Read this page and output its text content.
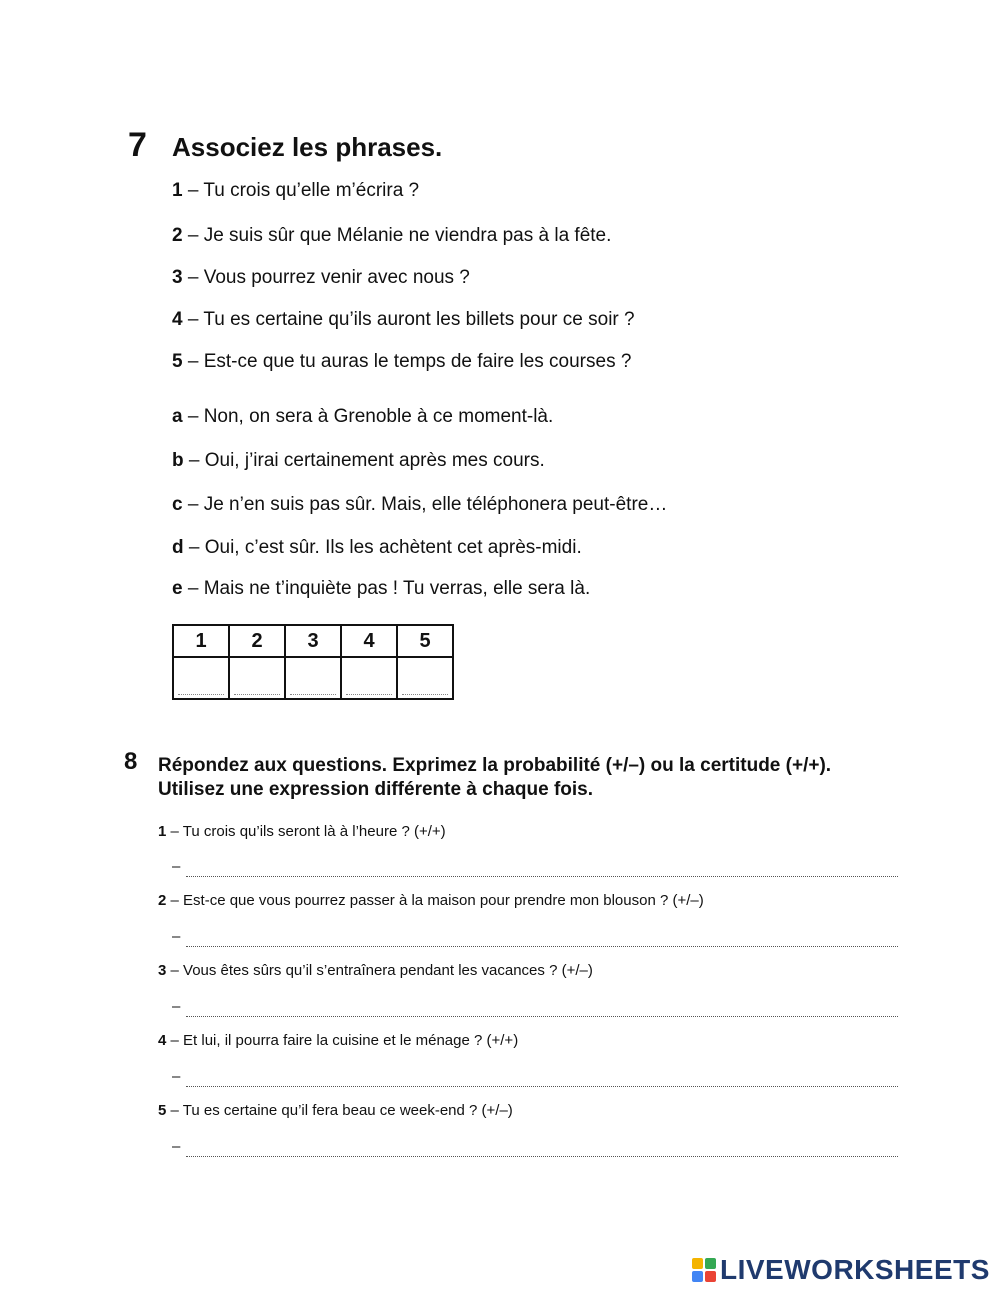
7 Associez les phrases.
1 – Tu crois qu’elle m’écrira ?
2 – Je suis sûr que Mélanie ne viendra pas à la fête.
3 – Vous pourrez venir avec nous ?
4 – Tu es certaine qu’ils auront les billets pour ce soir ?
5 – Est-ce que tu auras le temps de faire les courses ?
a – Non, on sera à Grenoble à ce moment-là.
b – Oui, j’irai certainement après mes cours.
c – Je n’en suis pas sûr. Mais, elle téléphonera peut-être…
d – Oui, c’est sûr. Ils les achètent cet après-midi.
e – Mais ne t’inquiète pas ! Tu verras, elle sera là.
1	2	3	4	5

8 Répondez aux questions. Exprimez la probabilité (+/–) ou la certitude (+/+).
Utilisez une expression différente à chaque fois.
1 – Tu crois qu’ils seront là à l’heure ? (+/+)
–
2 – Est-ce que vous pourrez passer à la maison pour prendre mon blouson ? (+/–)
–
3 – Vous êtes sûrs qu’il s’entraînera pendant les vacances ? (+/–)
–
4 – Et lui, il pourra faire la cuisine et le ménage ? (+/+)
–
5 – Tu es certaine qu’il fera beau ce week-end ? (+/–)
–
LIVEWORKSHEETS
